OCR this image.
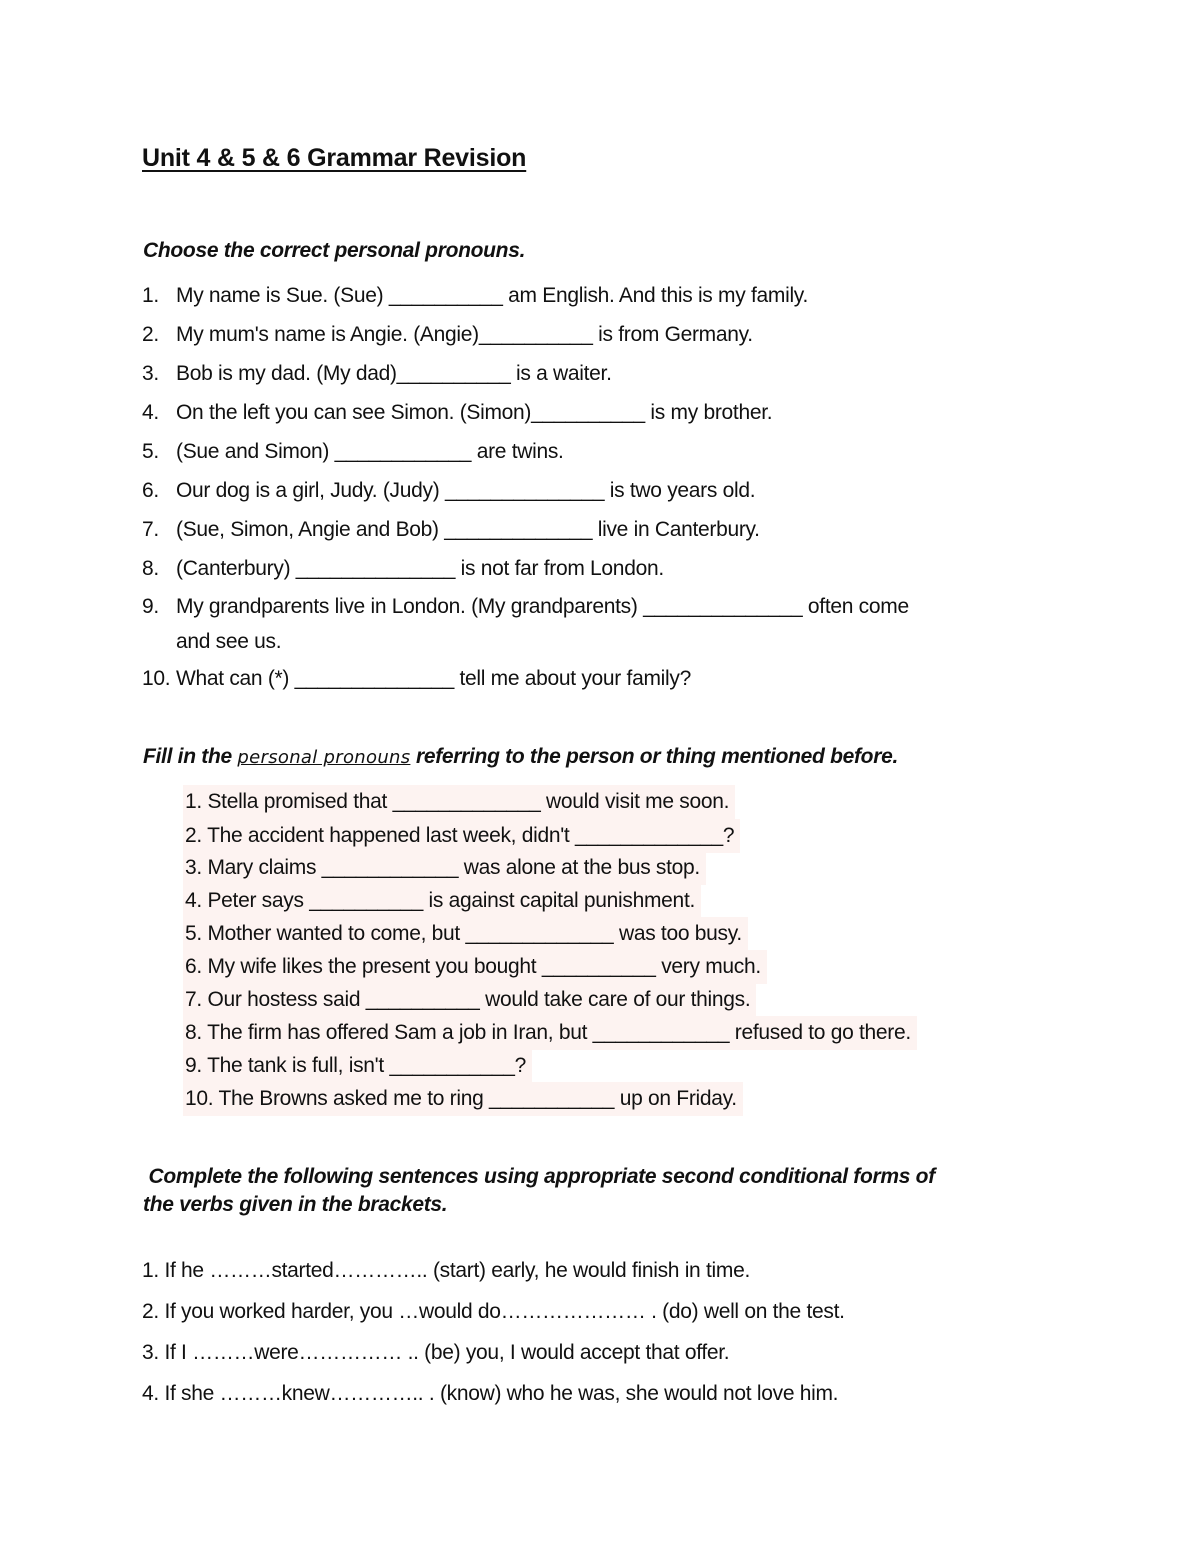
Unit 4 & 5 & 6 Grammar Revision
Choose the correct personal pronouns.
1. My name is Sue. (Sue) __________ am English. And this is my family.
2. My mum's name is Angie. (Angie)__________ is from Germany.
3. Bob is my dad. (My dad)__________ is a waiter.
4. On the left you can see Simon. (Simon)__________ is my brother.
5. (Sue and Simon) ____________ are twins.
6. Our dog is a girl, Judy. (Judy) ______________ is two years old.
7. (Sue, Simon, Angie and Bob) _____________ live in Canterbury.
8. (Canterbury) ______________ is not far from London.
9. My grandparents live in London. (My grandparents) ______________ often come
and see us.
10. What can (*) ______________ tell me about your family?
Fill in the personal pronouns referring to the person or thing mentioned before.
1. Stella promised that _____________ would visit me soon.
2. The accident happened last week, didn't _____________?
3. Mary claims ____________ was alone at the bus stop.
4. Peter says __________ is against capital punishment.
5. Mother wanted to come, but _____________ was too busy.
6. My wife likes the present you bought __________ very much.
7. Our hostess said __________ would take care of our things.
8. The firm has offered Sam a job in Iran, but ____________ refused to go there.
9. The tank is full, isn't ___________?
10. The Browns asked me to ring ___________ up on Friday.
Complete the following sentences using appropriate second conditional forms of
the verbs given in the brackets.
1. If he ………started………….. (start) early, he would finish in time.
2. If you worked harder, you …would do………………… . (do) well on the test.
3. If I ………were…………… .. (be) you, I would accept that offer.
4. If she ………knew………….. . (know) who he was, she would not love him.
